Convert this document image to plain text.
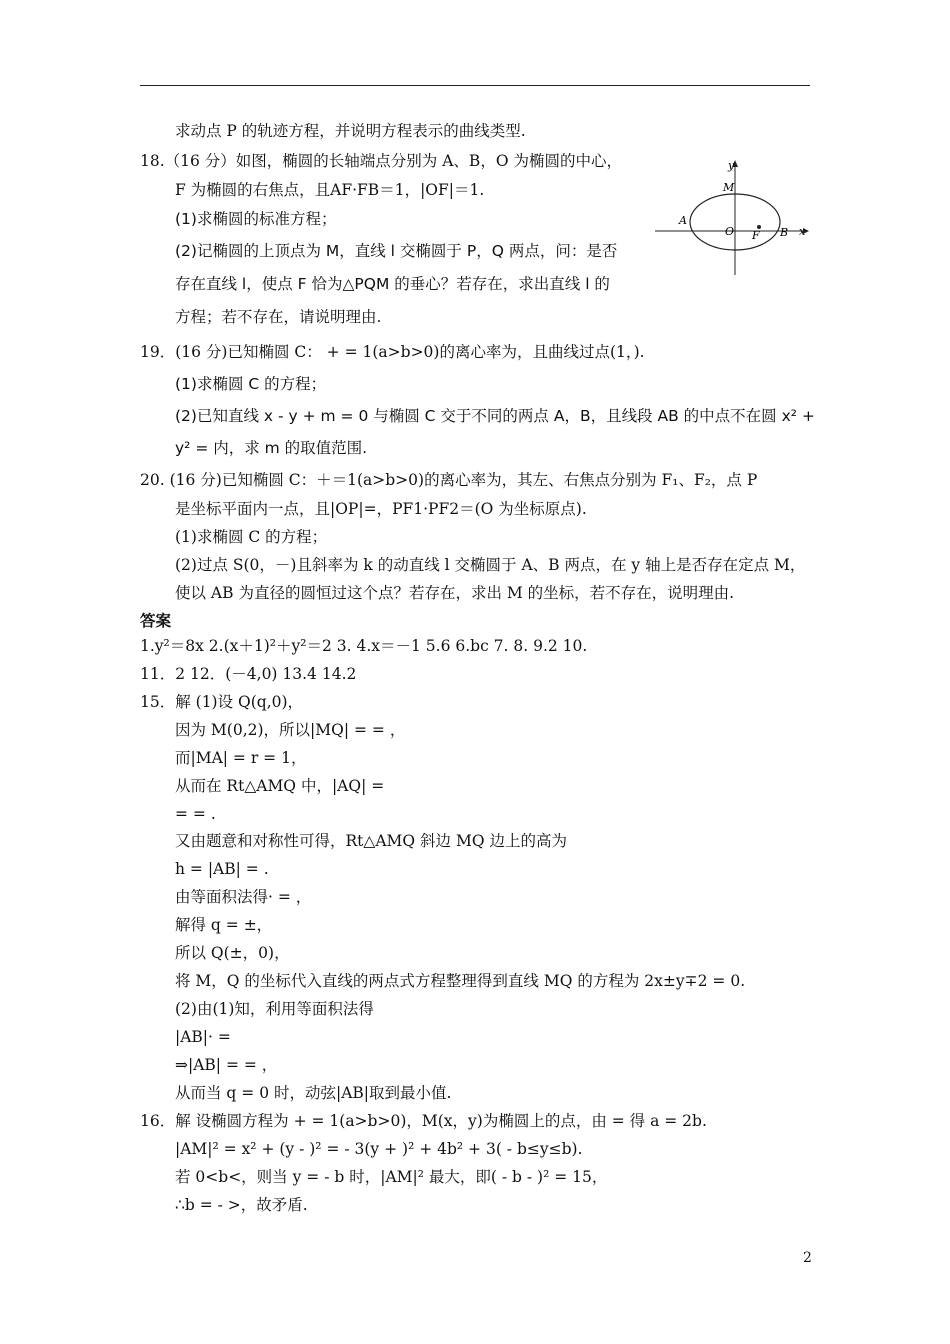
求动点 P 的轨迹方程，并说明方程表示的曲线类型.
18.（16 分）如图，椭圆的长轴端点分别为 A、B，O 为椭圆的中心，
F 为椭圆的右焦点，且AF·FB＝1，|OF|＝1.
(1)求椭圆的标准方程；
(2)记椭圆的上顶点为 M，直线 l 交椭圆于 P，Q 两点，问：是否
存在直线 l，使点 F 恰为△PQM 的垂心？若存在，求出直线 l 的
方程；若不存在，请说明理由.
y
M
A
O F B x
19．(16 分)已知椭圆 C： + = 1(a>b>0)的离心率为，且曲线过点(1，).
(1)求椭圆 C 的方程；
(2)已知直线 x - y + m = 0 与椭圆 C 交于不同的两点 A，B，且线段 AB 的中点不在圆 x² +
y² = 内，求 m 的取值范围.
20. (16 分)已知椭圆 C：＋＝1(a>b>0)的离心率为，其左、右焦点分别为 F₁、F₂，点 P
是坐标平面内一点，且|OP|=，PF1·PF2＝(O 为坐标原点).
(1)求椭圆 C 的方程；
(2)过点 S(0，－)且斜率为 k 的动直线 l 交椭圆于 A、B 两点，在 y 轴上是否存在定点 M，
使以 AB 为直径的圆恒过这个点？若存在，求出 M 的坐标，若不存在，说明理由.
答案
1.y²＝8x 2.(x＋1)²＋y²＝2 3. 4.x＝－1 5.6 6.bc 7. 8. 9.2 10.
11．2 12．(－4,0) 13.4 14.2
15．解 (1)设 Q(q,0)，
因为 M(0,2)，所以|MQ| = = ，
而|MA| = r = 1，
从而在 Rt△AMQ 中，|AQ| =
= = .
又由题意和对称性可得，Rt△AMQ 斜边 MQ 边上的高为
h = |AB| = .
由等面积法得· = ，
解得 q = ±，
所以 Q(±，0)，
将 M，Q 的坐标代入直线的两点式方程整理得到直线 MQ 的方程为 2x±y∓2 = 0.
(2)由(1)知，利用等面积法得
|AB|· =
⇒|AB| = = ，
从而当 q = 0 时，动弦|AB|取到最小值.
16．解 设椭圆方程为 + = 1(a>b>0)，M(x，y)为椭圆上的点，由 = 得 a = 2b.
|AM|² = x² + (y - )² = - 3(y + )² + 4b² + 3( - b≤y≤b).
若 0<b<，则当 y = - b 时，|AM|² 最大，即( - b - )² = 15，
∴b = - >，故矛盾.
2
